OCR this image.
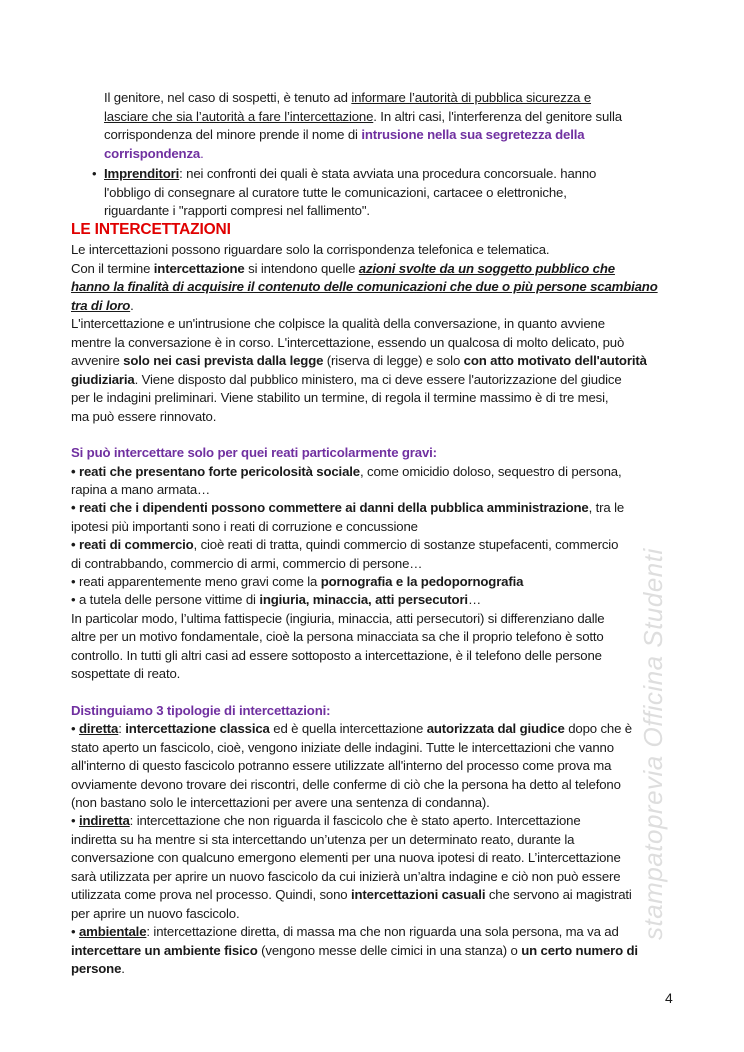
Il genitore, nel caso di sospetti, è tenuto ad informare l’autorità di pubblica sicurezza e
lasciare che sia l’autorità a fare l’intercettazione. In altri casi, l'interferenza del genitore sulla
corrispondenza del minore prende il nome di intrusione nella sua segretezza della
corrispondenza.
• Imprenditori: nei confronti dei quali è stata avviata una procedura concorsuale. hanno
l'obbligo di consegnare al curatore tutte le comunicazioni, cartacee o elettroniche,
riguardante i "rapporti compresi nel fallimento".
LE INTERCETTAZIONI
Le intercettazioni possono riguardare solo la corrispondenza telefonica e telematica.
Con il termine intercettazione si intendono quelle azioni svolte da un soggetto pubblico che
hanno la finalità di acquisire il contenuto delle comunicazioni che due o più persone scambiano
tra di loro.
L'intercettazione e un'intrusione che colpisce la qualità della conversazione, in quanto avviene
mentre la conversazione è in corso. L'intercettazione, essendo un qualcosa di molto delicato, può
avvenire solo nei casi prevista dalla legge (riserva di legge) e solo con atto motivato dell'autorità
giudiziaria. Viene disposto dal pubblico ministero, ma ci deve essere l'autorizzazione del giudice
per le indagini preliminari. Viene stabilito un termine, di regola il termine massimo è di tre mesi,
ma può essere rinnovato.
Si può intercettare solo per quei reati particolarmente gravi:
• reati che presentano forte pericolosità sociale, come omicidio doloso, sequestro di persona,
rapina a mano armata…
• reati che i dipendenti possono commettere ai danni della pubblica amministrazione, tra le
ipotesi più importanti sono i reati di corruzione e concussione
• reati di commercio, cioè reati di tratta, quindi commercio di sostanze stupefacenti, commercio
di contrabbando, commercio di armi, commercio di persone…
• reati apparentemente meno gravi come la pornografia e la pedopornografia
• a tutela delle persone vittime di ingiuria, minaccia, atti persecutori…
In particolar modo, l’ultima fattispecie (ingiuria, minaccia, atti persecutori) si differenziano dalle
altre per un motivo fondamentale, cioè la persona minacciata sa che il proprio telefono è sotto
controllo. In tutti gli altri casi ad essere sottoposto a intercettazione, è il telefono delle persone
sospettate di reato.
Distinguiamo 3 tipologie di intercettazioni:
• diretta: intercettazione classica ed è quella intercettazione autorizzata dal giudice dopo che è
stato aperto un fascicolo, cioè, vengono iniziate delle indagini. Tutte le intercettazioni che vanno
all'interno di questo fascicolo potranno essere utilizzate all'interno del processo come prova ma
ovviamente devono trovare dei riscontri, delle conferme di ciò che la persona ha detto al telefono
(non bastano solo le intercettazioni per avere una sentenza di condanna).
• indiretta: intercettazione che non riguarda il fascicolo che è stato aperto. Intercettazione
indiretta su ha mentre si sta intercettando un’utenza per un determinato reato, durante la
conversazione con qualcuno emergono elementi per una nuova ipotesi di reato. L’intercettazione
sarà utilizzata per aprire un nuovo fascicolo da cui inizierà un’altra indagine e ciò non può essere
utilizzata come prova nel processo. Quindi, sono intercettazioni casuali che servono ai magistrati
per aprire un nuovo fascicolo.
• ambientale: intercettazione diretta, di massa ma che non riguarda una sola persona, ma va ad
intercettare un ambiente fisico (vengono messe delle cimici in una stanza) o un certo numero di
persone.
stampatoprevia Officina Studenti
4
